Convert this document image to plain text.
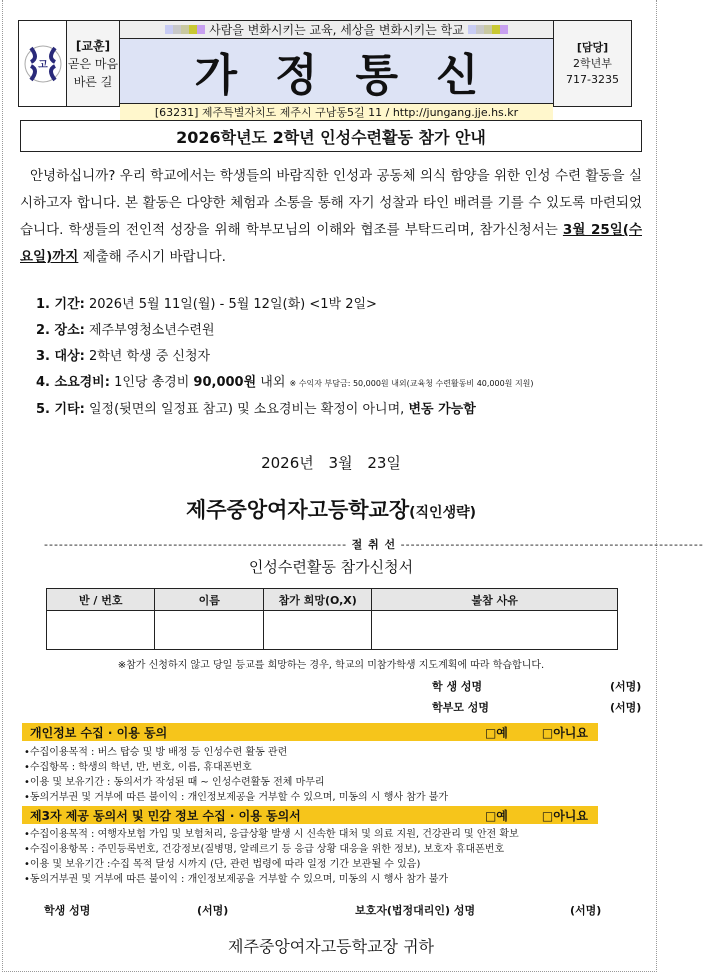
고
[교훈]
곧은 마음
바른 길
사람을 변화시키는 교육, 세상을 변화시키는 학교
가정통신
[63231] 제주특별자치도 제주시 구남동5길 11 / http://jungang.jje.hs.kr
[담당]
2학년부
717-3235
2026학년도 2학년 인성수련활동 참가 안내
안녕하십니까? 우리 학교에서는 학생들의 바람직한 인성과 공동체 의식 함양을 위한 인성 수련 활동을 실시하고자 합니다. 본 활동은 다양한 체험과 소통을 통해 자기 성찰과 타인 배려를 기를 수 있도록 마련되었습니다. 학생들의 전인적 성장을 위해 학부모님의 이해와 협조를 부탁드리며, 참가신청서는 3월 25일(수요일)까지 제출해 주시기 바랍니다.
1. 기간: 2026년 5월 11일(월) - 5월 12일(화) <1박 2일>
2. 장소: 제주부영청소년수련원
3. 대상: 2학년 학생 중 신청자
4. 소요경비: 1인당 총경비 90,000원 내외 ※ 수익자 부담금: 50,000원 내외(교육청 수련활동비 40,000원 지원)
5. 기타: 일정(뒷면의 일정표 참고) 및 소요경비는 확정이 아니며, 변동 가능함
2026년 3월 23일
제주중앙여자고등학교장(직인생략)
------------------------------------------------------------- 절 취 선 -------------------------------------------------------------
인성수련활동 참가신청서
반 / 번호	이름	참가 희망(O,X)	불참 사유

※참가 신청하지 않고 당일 등교를 희망하는 경우, 학교의 미참가학생 지도계획에 따라 학습합니다.
학 생 성명	(서명)
학부모 성명	(서명)
개인정보 수집 · 이용 동의	□예	□아니요
•수집이용목적 : 버스 탑승 및 방 배정 등 인성수련 활동 관련
•수집항목 : 학생의 학년, 반, 번호, 이름, 휴대폰번호
•이용 및 보유기간 : 동의서가 작성된 때 ~ 인성수련활동 전체 마무리
•동의거부권 및 거부에 따른 불이익 : 개인정보제공을 거부할 수 있으며, 미동의 시 행사 참가 불가
제3자 제공 동의서 및 민감 정보 수집 · 이용 동의서	□예	□아니요
•수집이용목적 : 여행자보험 가입 및 보험처리, 응급상황 발생 시 신속한 대처 및 의료 지원, 건강관리 및 안전 확보
•수집이용항목 : 주민등록번호, 건강정보(질병명, 알레르기 등 응급 상황 대응을 위한 정보), 보호자 휴대폰번호
•이용 및 보유기간 :수집 목적 달성 시까지 (단, 관련 법령에 따라 일정 기간 보관될 수 있음)
•동의거부권 및 거부에 따른 불이익 : 개인정보제공을 거부할 수 있으며, 미동의 시 행사 참가 불가
학생 성명	(서명)	보호자(법정대리인) 성명	(서명)
제주중앙여자고등학교장 귀하
